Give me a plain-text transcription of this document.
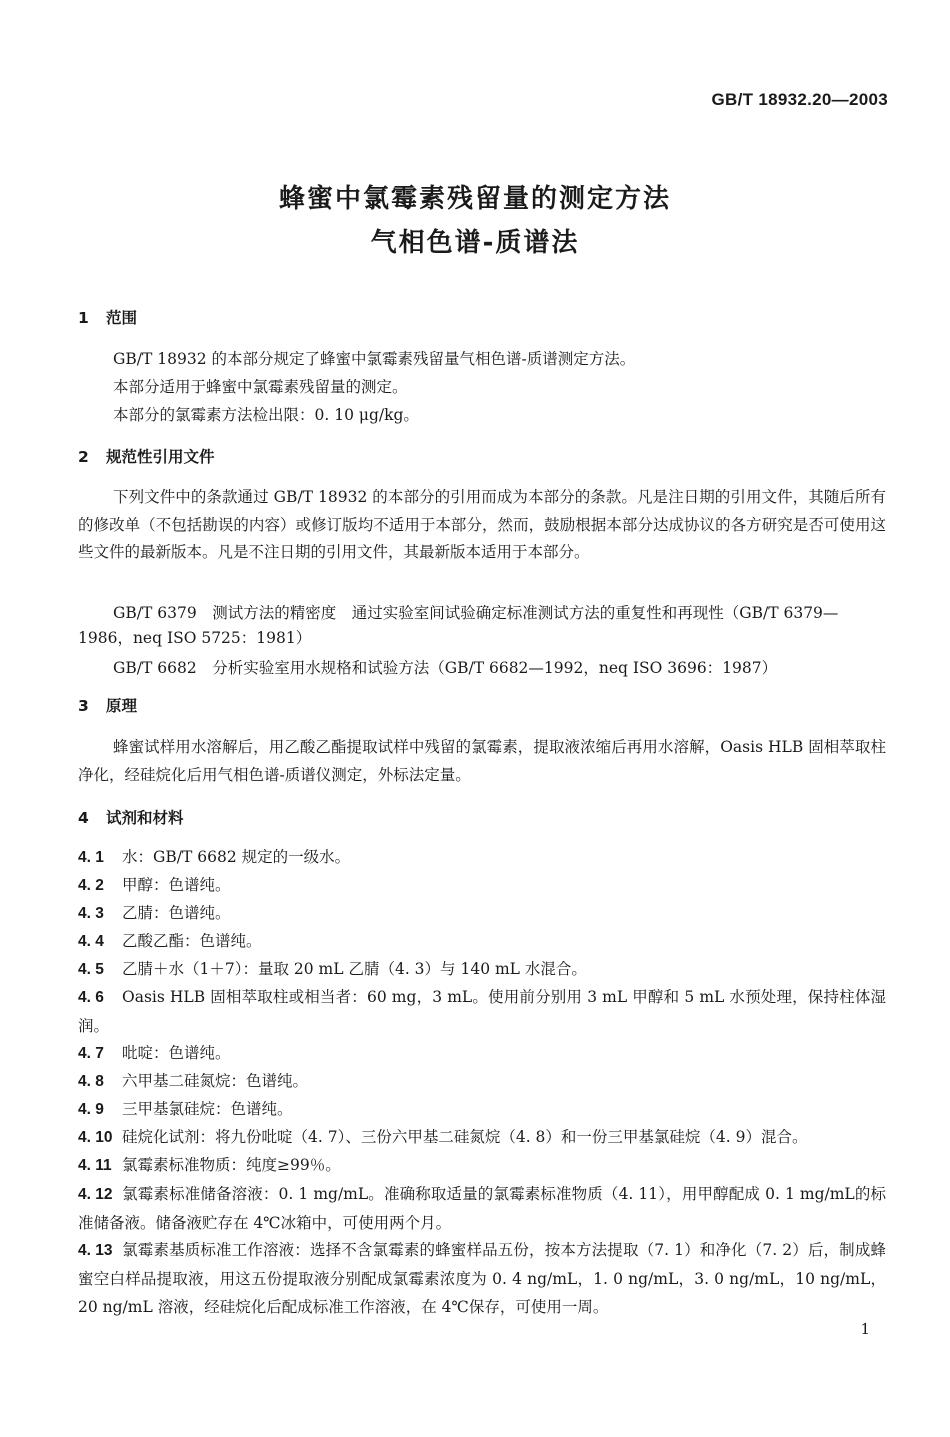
GB/T 18932.20—2003
蜂蜜中氯霉素残留量的测定方法
气相色谱-质谱法
1 范围
GB/T 18932 的本部分规定了蜂蜜中氯霉素残留量气相色谱-质谱测定方法。
本部分适用于蜂蜜中氯霉素残留量的测定。
本部分的氯霉素方法检出限：0. 10 μg/kg。
2 规范性引用文件
下列文件中的条款通过 GB/T 18932 的本部分的引用而成为本部分的条款。凡是注日期的引用文件，其随后所有的修改单（不包括勘误的内容）或修订版均不适用于本部分，然而，鼓励根据本部分达成协议的各方研究是否可使用这些文件的最新版本。凡是不注日期的引用文件，其最新版本适用于本部分。
GB/T 6379　测试方法的精密度　通过实验室间试验确定标准测试方法的重复性和再现性（GB/T 6379—1986，neq ISO 5725：1981）
GB/T 6682　分析实验室用水规格和试验方法（GB/T 6682—1992，neq ISO 3696：1987）
3 原理
蜂蜜试样用水溶解后，用乙酸乙酯提取试样中残留的氯霉素，提取液浓缩后再用水溶解，Oasis HLB 固相萃取柱净化，经硅烷化后用气相色谱-质谱仪测定，外标法定量。
4 试剂和材料
4. 1 水：GB/T 6682 规定的一级水。
4. 2 甲醇：色谱纯。
4. 3 乙腈：色谱纯。
4. 4 乙酸乙酯：色谱纯。
4. 5 乙腈＋水（1＋7）：量取 20 mL 乙腈（4. 3）与 140 mL 水混合。
4. 6 Oasis HLB 固相萃取柱或相当者：60 mg，3 mL。使用前分别用 3 mL 甲醇和 5 mL 水预处理，保持柱体湿润。
4. 7 吡啶：色谱纯。
4. 8 六甲基二硅氮烷：色谱纯。
4. 9 三甲基氯硅烷：色谱纯。
4. 10 硅烷化试剂：将九份吡啶（4. 7）、三份六甲基二硅氮烷（4. 8）和一份三甲基氯硅烷（4. 9）混合。
4. 11 氯霉素标准物质：纯度≥99％。
4. 12 氯霉素标准储备溶液：0. 1 mg/mL。准确称取适量的氯霉素标准物质（4. 11），用甲醇配成 0. 1 mg/mL的标准储备液。储备液贮存在 4℃冰箱中，可使用两个月。
4. 13 氯霉素基质标准工作溶液：选择不含氯霉素的蜂蜜样品五份，按本方法提取（7. 1）和净化（7. 2）后，制成蜂蜜空白样品提取液，用这五份提取液分别配成氯霉素浓度为 0. 4 ng/mL，1. 0 ng/mL，3. 0 ng/mL，10 ng/mL，20 ng/mL 溶液，经硅烷化后配成标准工作溶液，在 4℃保存，可使用一周。
1
